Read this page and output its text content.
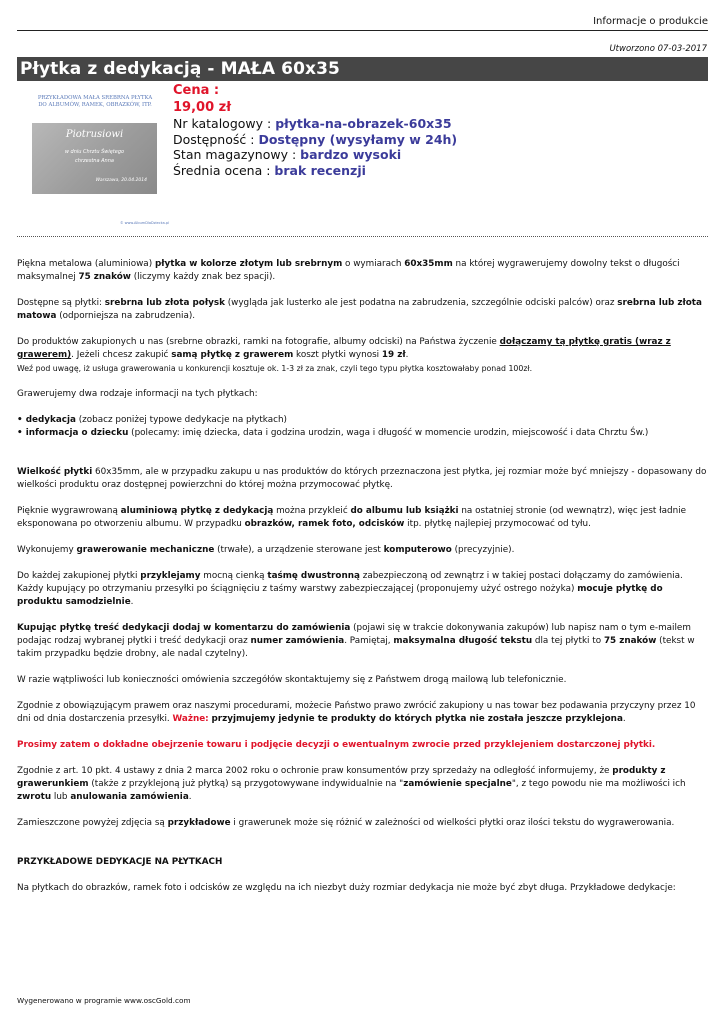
Informacje o produkcie
Utworzono 07-03-2017
Płytka z dedykacją - MAŁA 60x35
PRZYKŁADOWA MAŁA SREBRNA PŁYTKA
DO ALBUMÓW, RAMEK, OBRAZKÓW, ITP.
Piotrusiowi
w dniu Chrztu Świętego
chrzestna Anna
Warszawa, 20.04.2014
© www.AlbumDlaDziecka.pl
Cena :
19,00 zł
Nr katalogowy : płytka-na-obrazek-60x35
Dostępność : Dostępny (wysyłamy w 24h)
Stan magazynowy : bardzo wysoki
Średnia ocena : brak recenzji

Piękna metalowa (aluminiowa) płytka w kolorze złotym lub srebrnym o wymiarach 60x35mm na której wygrawerujemy dowolny tekst o długości maksymalnej 75 znaków (liczymy każdy znak bez spacji).

Dostępne są płytki: srebrna lub złota połysk (wygląda jak lusterko ale jest podatna na zabrudzenia, szczególnie odciski palców) oraz srebrna lub złota matowa (odporniejsza na zabrudzenia).

Do produktów zakupionych u nas (srebrne obrazki, ramki na fotografie, albumy odciski) na Państwa życzenie dołączamy tą płytkę gratis (wraz z grawerem). Jeżeli chcesz zakupić samą płytkę z grawerem koszt płytki wynosi 19 zł.

Weź pod uwagę, iż usługa grawerowania u konkurencji kosztuje ok. 1-3 zł za znak, czyli tego typu płytka kosztowałaby ponad 100zł.

Grawerujemy dwa rodzaje informacji na tych płytkach:

• dedykacja (zobacz poniżej typowe dedykacje na płytkach)
• informacja o dziecku (polecamy: imię dziecka, data i godzina urodzin, waga i długość w momencie urodzin, miejscowość i data Chrztu Św.)

Wielkość płytki 60x35mm, ale w przypadku zakupu u nas produktów do których przeznaczona jest płytka, jej rozmiar może być mniejszy - dopasowany do wielkości produktu oraz dostępnej powierzchni do której można przymocować płytkę.

Pięknie wygrawrowaną aluminiową płytkę z dedykacją można przykleić do albumu lub książki na ostatniej stronie (od wewnątrz), więc jest ładnie eksponowana po otworzeniu albumu. W przypadku obrazków, ramek foto, odcisków itp. płytkę najlepiej przymocować od tyłu.

Wykonujemy grawerowanie mechaniczne (trwałe), a urządzenie sterowane jest komputerowo (precyzyjnie).

Do każdej zakupionej płytki przyklejamy mocną cienką taśmę dwustronną zabezpieczoną od zewnątrz i w takiej postaci dołączamy do zamówienia. Każdy kupujący po otrzymaniu przesyłki po ściągnięciu z taśmy warstwy zabezpieczającej (proponujemy użyć ostrego nożyka) mocuje płytkę do produktu samodzielnie.

Kupując płytkę treść dedykacji dodaj w komentarzu do zamówienia (pojawi się w trakcie dokonywania zakupów) lub napisz nam o tym e-mailem podając rodzaj wybranej płytki i treść dedykacji oraz numer zamówienia. Pamiętaj, maksymalna długość tekstu dla tej płytki to 75 znaków (tekst w takim przypadku będzie drobny, ale nadal czytelny).

W razie wątpliwości lub konieczności omówienia szczegółów skontaktujemy się z Państwem drogą mailową lub telefonicznie.

Zgodnie z obowiązującym prawem oraz naszymi procedurami, możecie Państwo prawo zwrócić zakupiony u nas towar bez podawania przyczyny przez 10 dni od dnia dostarczenia przesyłki. Ważne: przyjmujemy jedynie te produkty do których płytka nie została jeszcze przyklejona.

Prosimy zatem o dokładne obejrzenie towaru i podjęcie decyzji o ewentualnym zwrocie przed przyklejeniem dostarczonej płytki.

Zgodnie z art. 10 pkt. 4 ustawy z dnia 2 marca 2002 roku o ochronie praw konsumentów przy sprzedaży na odległość informujemy, że produkty z grawerunkiem (także z przyklejoną już płytką) są przygotowywane indywidualnie na "zamówienie specjalne", z tego powodu nie ma możliwości ich zwrotu lub anulowania zamówienia.

Zamieszczone powyżej zdjęcia są przykładowe i grawerunek może się różnić w zależności od wielkości płytki oraz ilości tekstu do wygrawerowania.

PRZYKŁADOWE DEDYKACJE NA PŁYTKACH

Na płytkach do obrazków, ramek foto i odcisków ze względu na ich niezbyt duży rozmiar dedykacja nie może być zbyt długa. Przykładowe dedykacje:

Wygenerowano w programie www.oscGold.com
